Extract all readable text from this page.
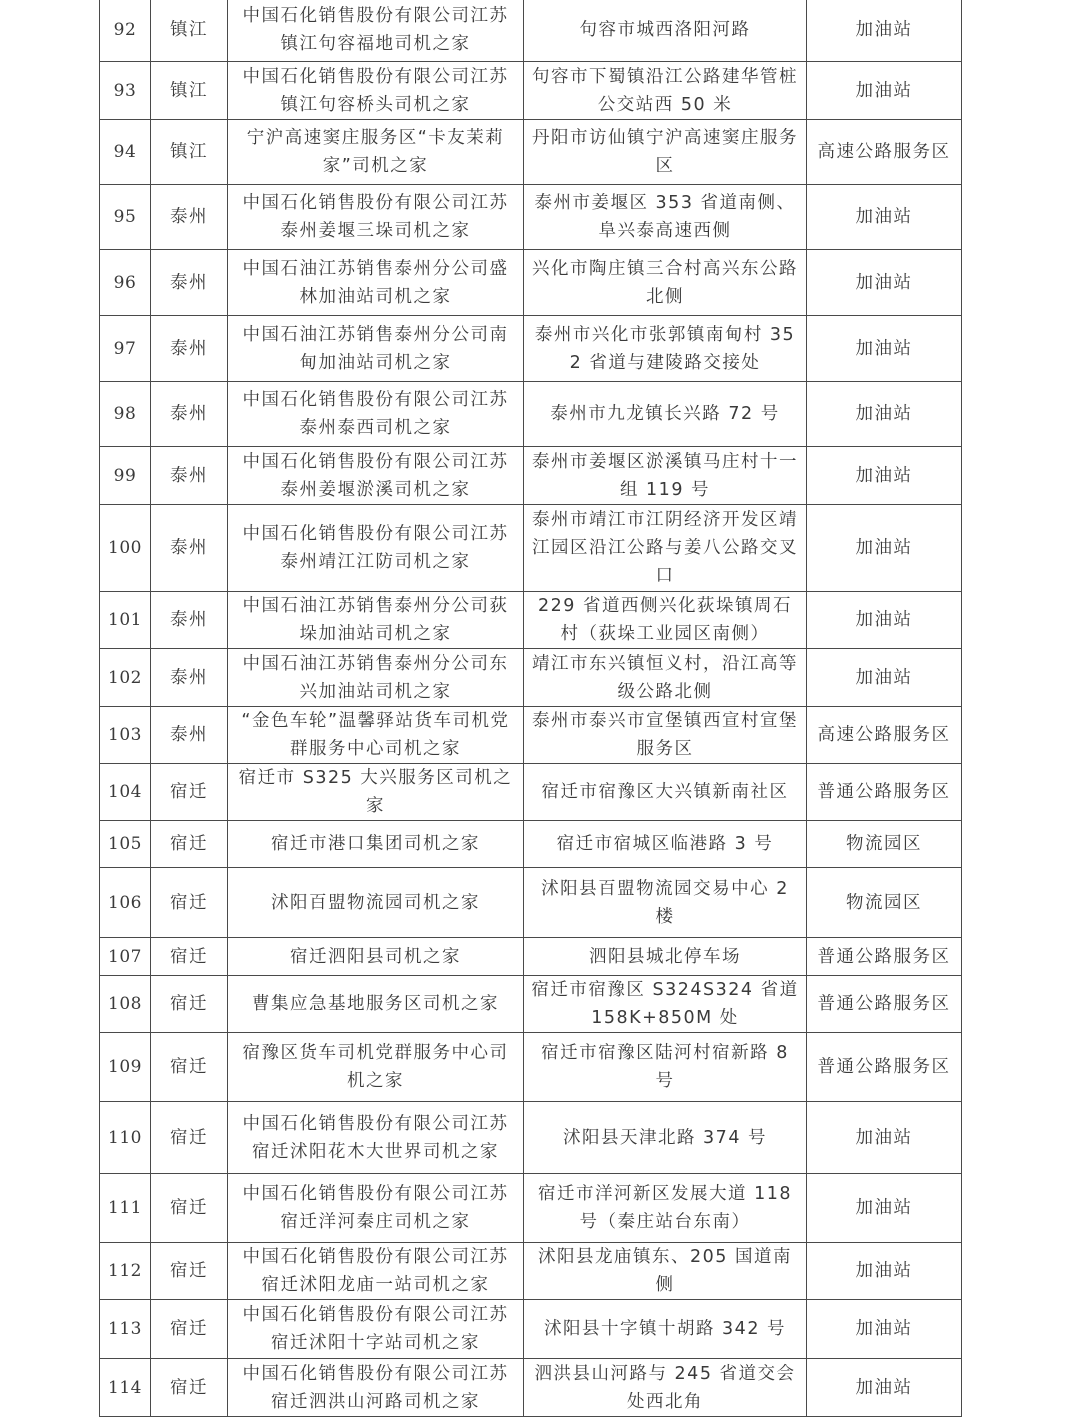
92	镇江	中国石化销售股份有限公司江苏镇江句容福地司机之家	句容市城西洛阳河路	加油站
93	镇江	中国石化销售股份有限公司江苏镇江句容桥头司机之家	句容市下蜀镇沿江公路建华管桩公交站西 50 米	加油站
94	镇江	宁沪高速窦庄服务区“卡友茉莉家”司机之家	丹阳市访仙镇宁沪高速窦庄服务区	高速公路服务区
95	泰州	中国石化销售股份有限公司江苏泰州姜堰三垛司机之家	泰州市姜堰区 353 省道南侧、阜兴泰高速西侧	加油站
96	泰州	中国石油江苏销售泰州分公司盛林加油站司机之家	兴化市陶庄镇三合村高兴东公路北侧	加油站
97	泰州	中国石油江苏销售泰州分公司南甸加油站司机之家	泰州市兴化市张郭镇南甸村 352 省道与建陵路交接处	加油站
98	泰州	中国石化销售股份有限公司江苏泰州泰西司机之家	泰州市九龙镇长兴路 72 号	加油站
99	泰州	中国石化销售股份有限公司江苏泰州姜堰淤溪司机之家	泰州市姜堰区淤溪镇马庄村十一组 119 号	加油站
100	泰州	中国石化销售股份有限公司江苏泰州靖江江防司机之家	泰州市靖江市江阴经济开发区靖江园区沿江公路与姜八公路交叉口	加油站
101	泰州	中国石油江苏销售泰州分公司荻垛加油站司机之家	229 省道西侧兴化荻垛镇周石村（荻垛工业园区南侧）	加油站
102	泰州	中国石油江苏销售泰州分公司东兴加油站司机之家	靖江市东兴镇恒义村，沿江高等级公路北侧	加油站
103	泰州	“金色车轮”温馨驿站货车司机党群服务中心司机之家	泰州市泰兴市宣堡镇西宣村宣堡服务区	高速公路服务区
104	宿迁	宿迁市 S325 大兴服务区司机之家	宿迁市宿豫区大兴镇新南社区	普通公路服务区
105	宿迁	宿迁市港口集团司机之家	宿迁市宿城区临港路 3 号	物流园区
106	宿迁	沭阳百盟物流园司机之家	沭阳县百盟物流园交易中心 2 楼	物流园区
107	宿迁	宿迁泗阳县司机之家	泗阳县城北停车场	普通公路服务区
108	宿迁	曹集应急基地服务区司机之家	宿迁市宿豫区 S324S324 省道 158K+850M 处	普通公路服务区
109	宿迁	宿豫区货车司机党群服务中心司机之家	宿迁市宿豫区陆河村宿新路 8 号	普通公路服务区
110	宿迁	中国石化销售股份有限公司江苏宿迁沭阳花木大世界司机之家	沭阳县天津北路 374 号	加油站
111	宿迁	中国石化销售股份有限公司江苏宿迁洋河秦庄司机之家	宿迁市洋河新区发展大道 118 号（秦庄站台东南）	加油站
112	宿迁	中国石化销售股份有限公司江苏宿迁沭阳龙庙一站司机之家	沭阳县龙庙镇东、205 国道南侧	加油站
113	宿迁	中国石化销售股份有限公司江苏宿迁沭阳十字站司机之家	沭阳县十字镇十胡路 342 号	加油站
114	宿迁	中国石化销售股份有限公司江苏宿迁泗洪山河路司机之家	泗洪县山河路与 245 省道交会处西北角	加油站
